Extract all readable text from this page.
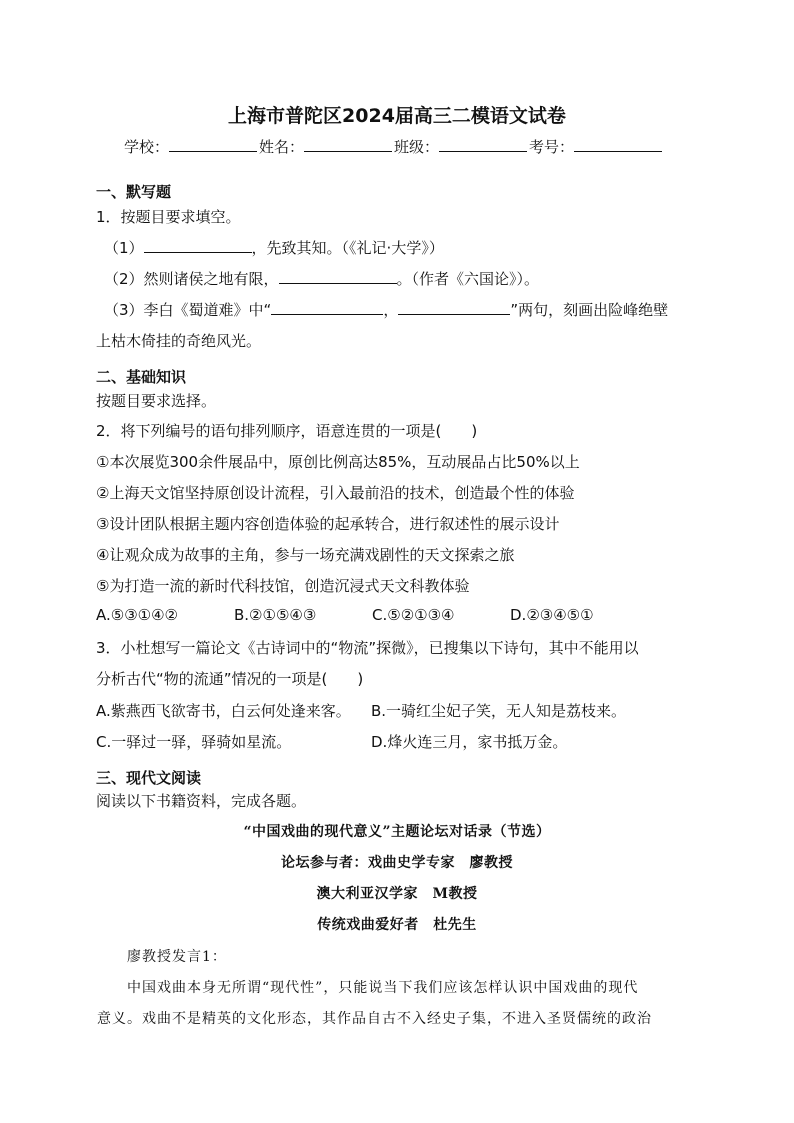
上海市普陀区2024届高三二模语文试卷
学校：	姓名：	班级：	考号：
一、默写题
1．按题目要求填空。
（1）	，先致其知。（《礼记·大学》）
（2）然则诸侯之地有限，	。（作者《六国论》）。
（3）李白《蜀道难》中“	，	”两句，刻画出险峰绝壁
上枯木倚挂的奇绝风光。
二、基础知识
按题目要求选择。
2．将下列编号的语句排列顺序，语意连贯的一项是(　　)
①本次展览300余件展品中，原创比例高达85%，互动展品占比50%以上
②上海天文馆坚持原创设计流程，引入最前沿的技术，创造最个性的体验
③设计团队根据主题内容创造体验的起承转合，进行叙述性的展示设计
④让观众成为故事的主角，参与一场充满戏剧性的天文探索之旅
⑤为打造一流的新时代科技馆，创造沉浸式天文科教体验
A.⑤③①④②	B.②①⑤④③	C.⑤②①③④	D.②③④⑤①
3．小杜想写一篇论文《古诗词中的“物流”探微》，已搜集以下诗句，其中不能用以
分析古代“物的流通”情况的一项是(　　)
A.紫燕西飞欲寄书，白云何处逢来客。 B.一骑红尘妃子笑，无人知是荔枝来。
C.一驿过一驿，驿骑如星流。	D.烽火连三月，家书抵万金。
三、现代文阅读
阅读以下书籍资料，完成各题。
“中国戏曲的现代意义”主题论坛对话录（节选）
论坛参与者：戏曲史学专家　廖教授
澳大利亚汉学家　M教授
传统戏曲爱好者　杜先生
廖教授发言1：
中国戏曲本身无所谓“现代性”，只能说当下我们应该怎样认识中国戏曲的现代
意义。戏曲不是精英的文化形态，其作品自古不入经史子集，不进入圣贤儒统的政治
